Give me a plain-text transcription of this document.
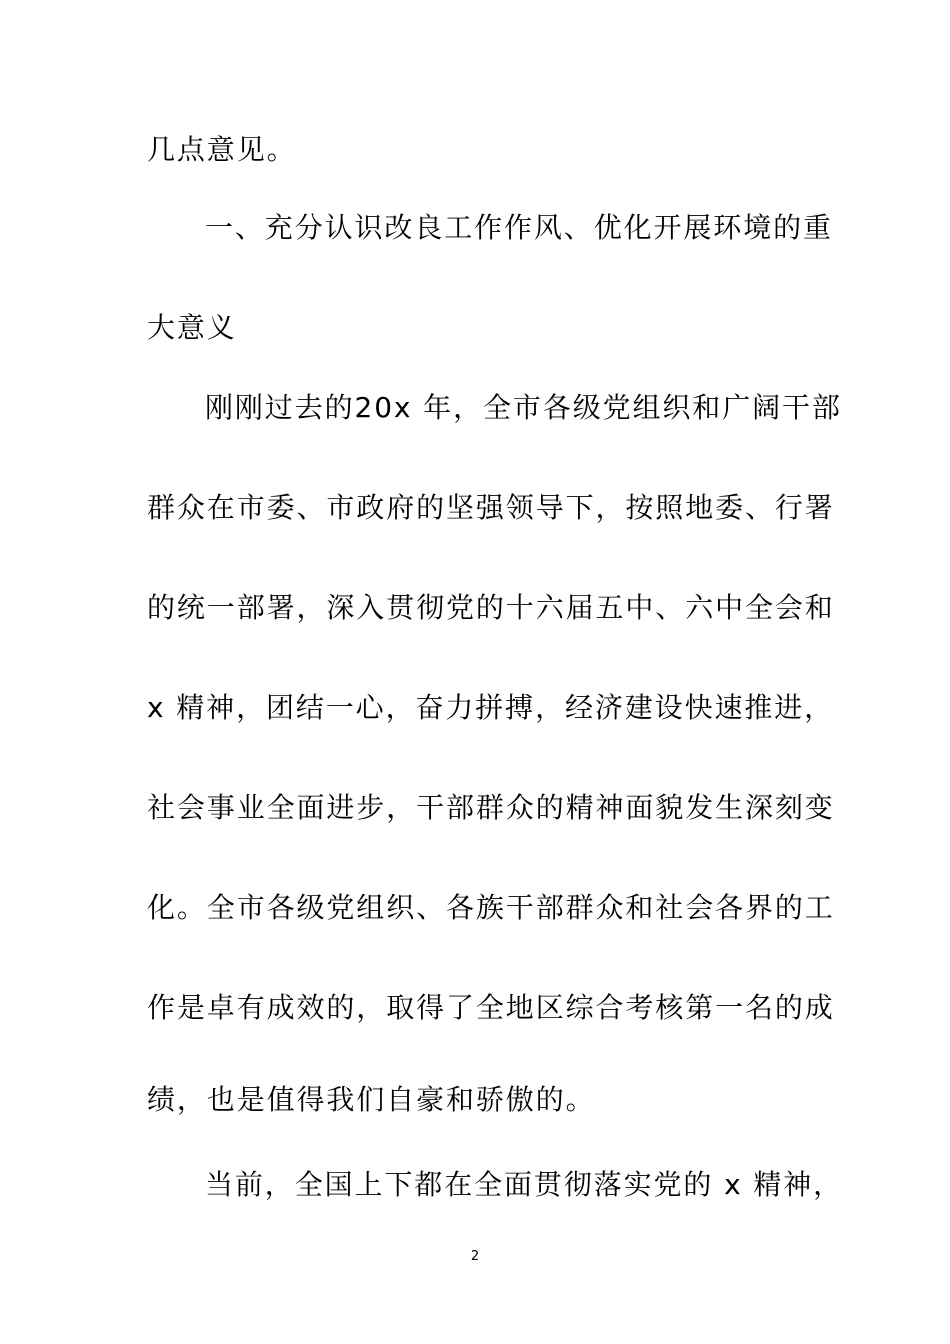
几点意见。
一、充分认识改良工作作风、优化开展环境的重
大意义
刚刚过去的20x 年，全市各级党组织和广阔干部
群众在市委、市政府的坚强领导下，按照地委、行署
的统一部署，深入贯彻党的十六届五中、六中全会和
x 精神，团结一心，奋力拼搏，经济建设快速推进，
社会事业全面进步，干部群众的精神面貌发生深刻变
化。全市各级党组织、各族干部群众和社会各界的工
作是卓有成效的，取得了全地区综合考核第一名的成
绩，也是值得我们自豪和骄傲的。
当前，全国上下都在全面贯彻落实党的 x 精神，
2
